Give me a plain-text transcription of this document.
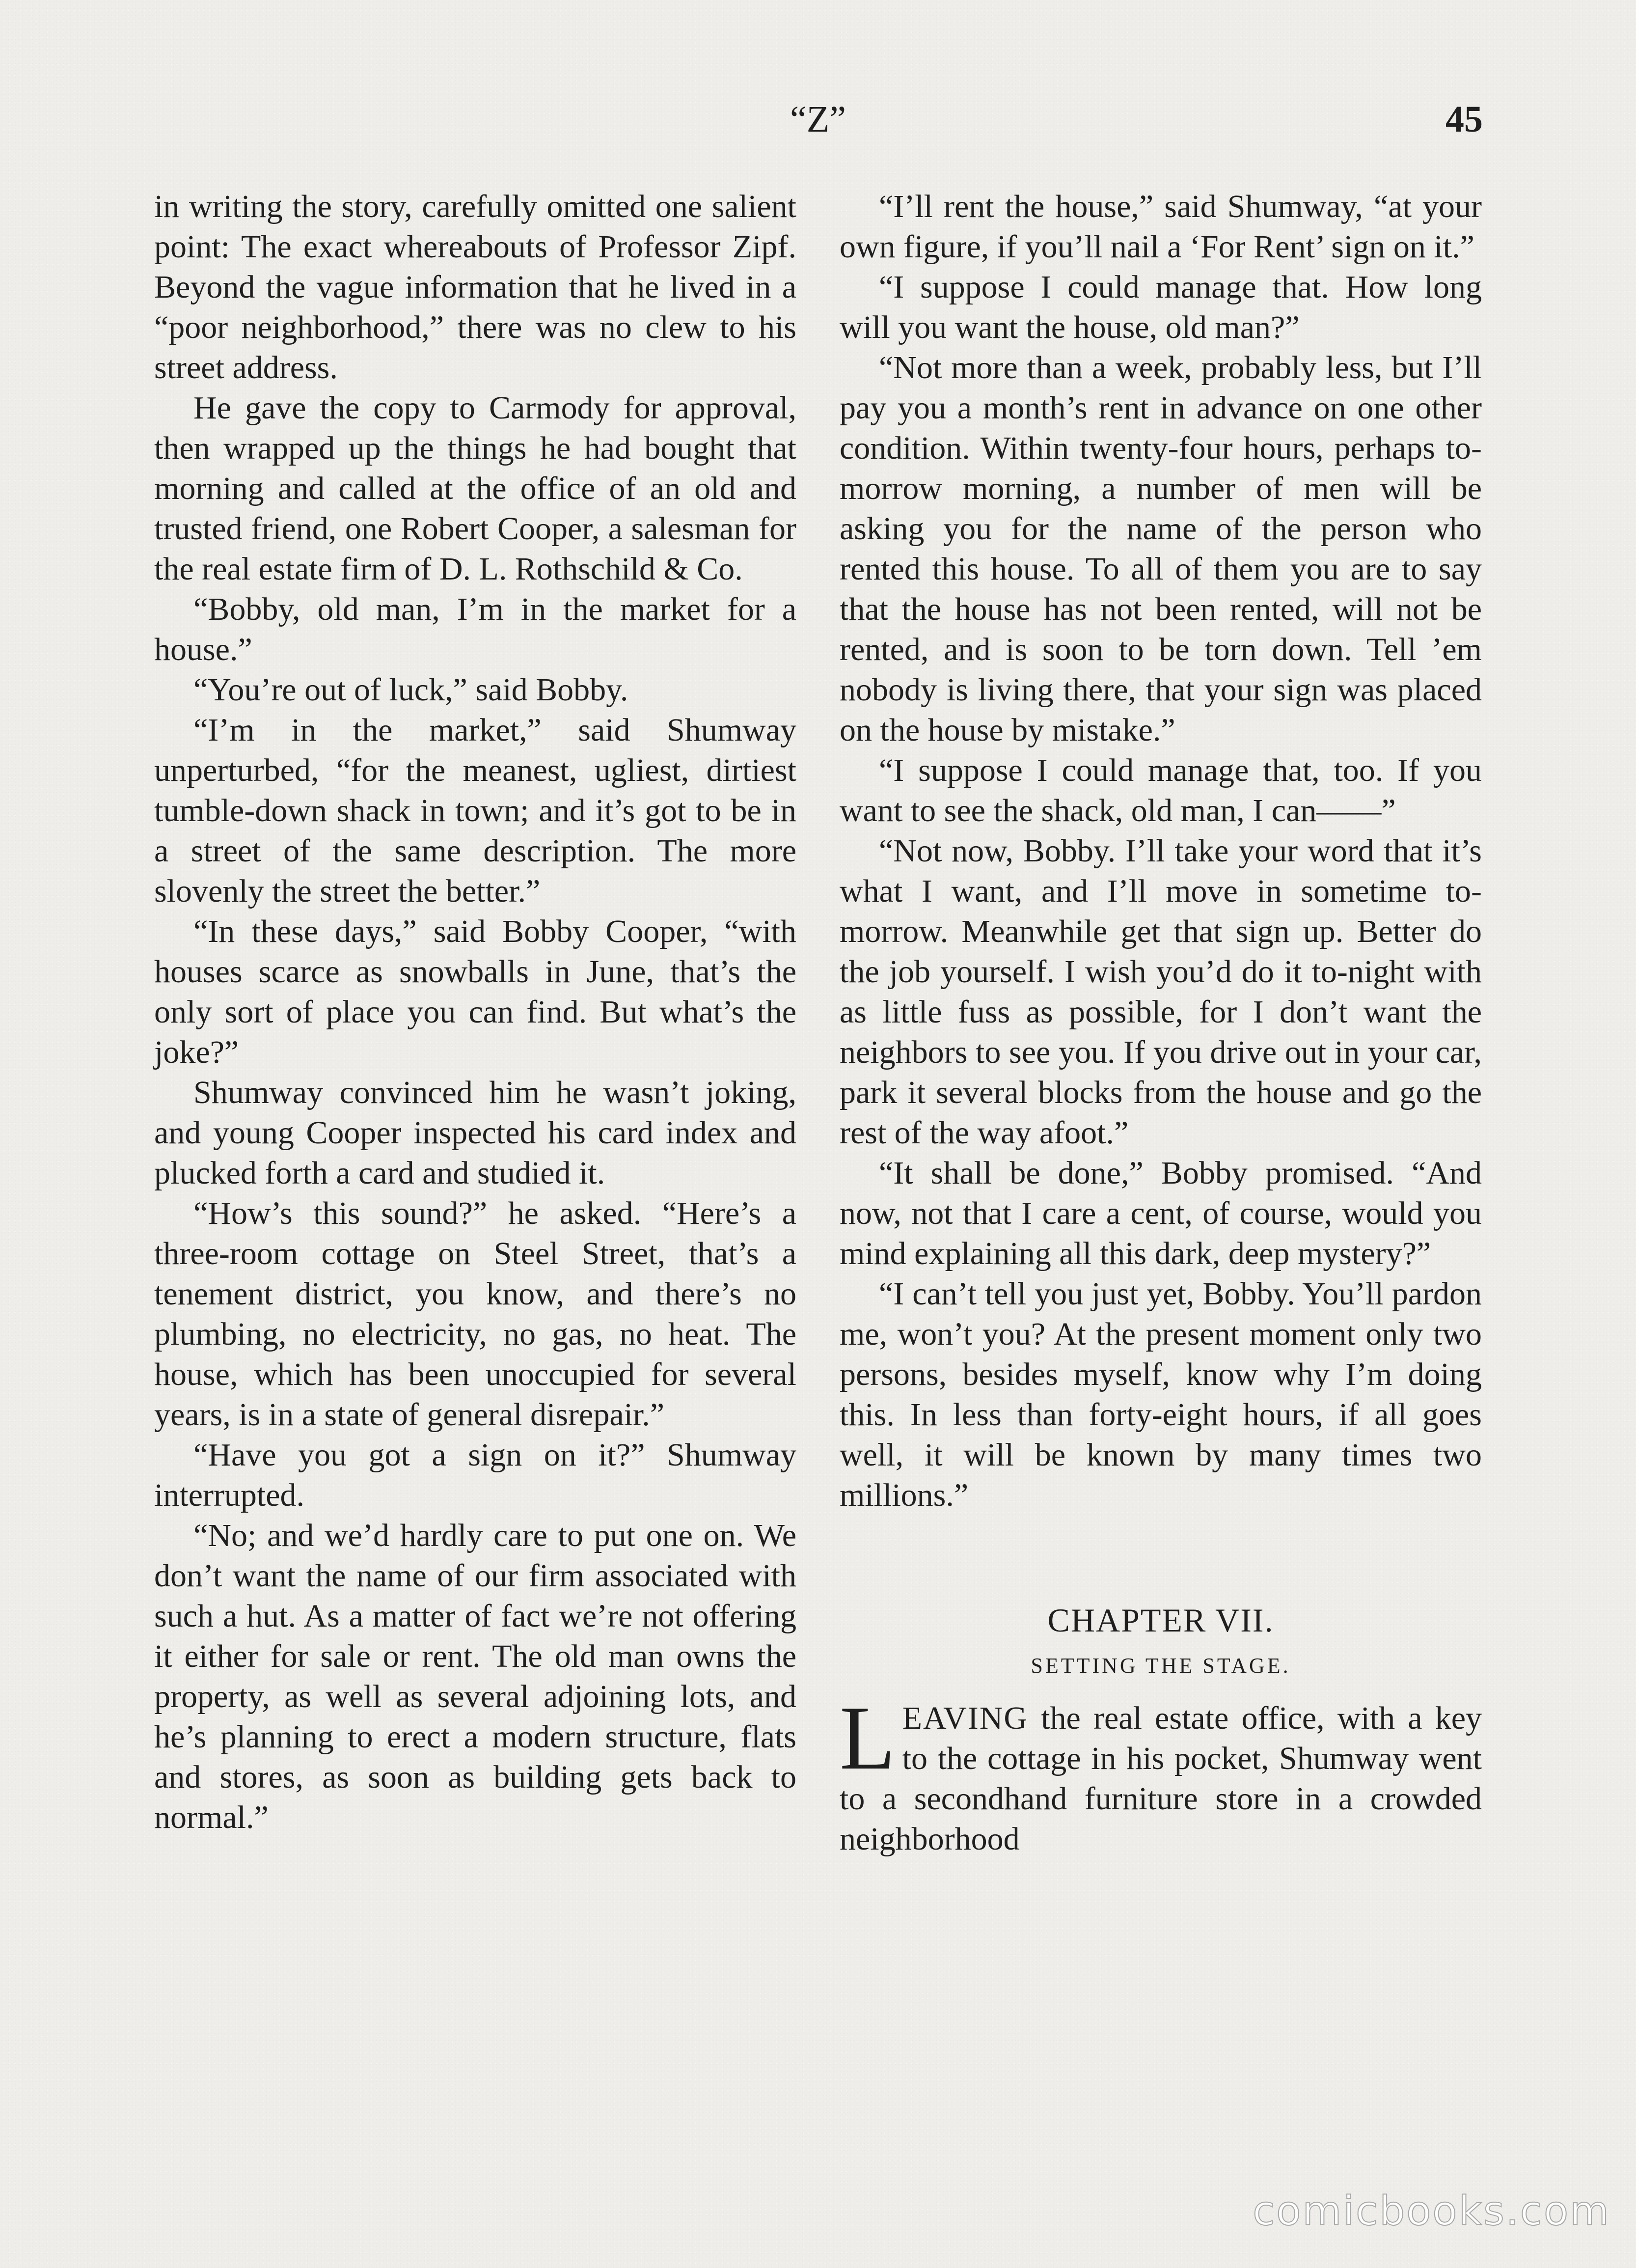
“Z”	45

in writing the story, carefully omitted one salient point: The exact whereabouts of Professor Zipf. Beyond the vague information that he lived in a “poor neighborhood,” there was no clew to his street address.

He gave the copy to Carmody for approval, then wrapped up the things he had bought that morning and called at the office of an old and trusted friend, one Robert Cooper, a salesman for the real estate firm of D. L. Rothschild & Co.

“Bobby, old man, I’m in the market for a house.”

“You’re out of luck,” said Bobby.

“I’m in the market,” said Shumway unperturbed, “for the meanest, ugliest, dirtiest tumble-down shack in town; and it’s got to be in a street of the same description. The more slovenly the street the better.”

“In these days,” said Bobby Cooper, “with houses scarce as snowballs in June, that’s the only sort of place you can find. But what’s the joke?”

Shumway convinced him he wasn’t joking, and young Cooper inspected his card index and plucked forth a card and studied it.

“How’s this sound?” he asked. “Here’s a three-room cottage on Steel Street, that’s a tenement district, you know, and there’s no plumbing, no electricity, no gas, no heat. The house, which has been unoccupied for several years, is in a state of general disrepair.”

“Have you got a sign on it?” Shumway interrupted.

“No; and we’d hardly care to put one on. We don’t want the name of our firm associated with such a hut. As a matter of fact we’re not offering it either for sale or rent. The old man owns the property, as well as several adjoining lots, and he’s planning to erect a modern structure, flats and stores, as soon as building gets back to normal.”

“I’ll rent the house,” said Shumway, “at your own figure, if you’ll nail a ‘For Rent’ sign on it.”

“I suppose I could manage that. How long will you want the house, old man?”

“Not more than a week, probably less, but I’ll pay you a month’s rent in advance on one other condition. Within twenty-four hours, perhaps to-morrow morning, a number of men will be asking you for the name of the person who rented this house. To all of them you are to say that the house has not been rented, will not be rented, and is soon to be torn down. Tell ’em nobody is living there, that your sign was placed on the house by mistake.”

“I suppose I could manage that, too. If you want to see the shack, old man, I can——”

“Not now, Bobby. I’ll take your word that it’s what I want, and I’ll move in sometime to-morrow. Meanwhile get that sign up. Better do the job yourself. I wish you’d do it to-night with as little fuss as possible, for I don’t want the neighbors to see you. If you drive out in your car, park it several blocks from the house and go the rest of the way afoot.”

“It shall be done,” Bobby promised. “And now, not that I care a cent, of course, would you mind explaining all this dark, deep mystery?”

“I can’t tell you just yet, Bobby. You’ll pardon me, won’t you? At the present moment only two persons, besides myself, know why I’m doing this. In less than forty-eight hours, if all goes well, it will be known by many times two millions.”

CHAPTER VII.
SETTING THE STAGE.

LEAVING the real estate office, with a key to the cottage in his pocket, Shumway went to a secondhand furniture store in a crowded neighborhood

comicbooks.com
